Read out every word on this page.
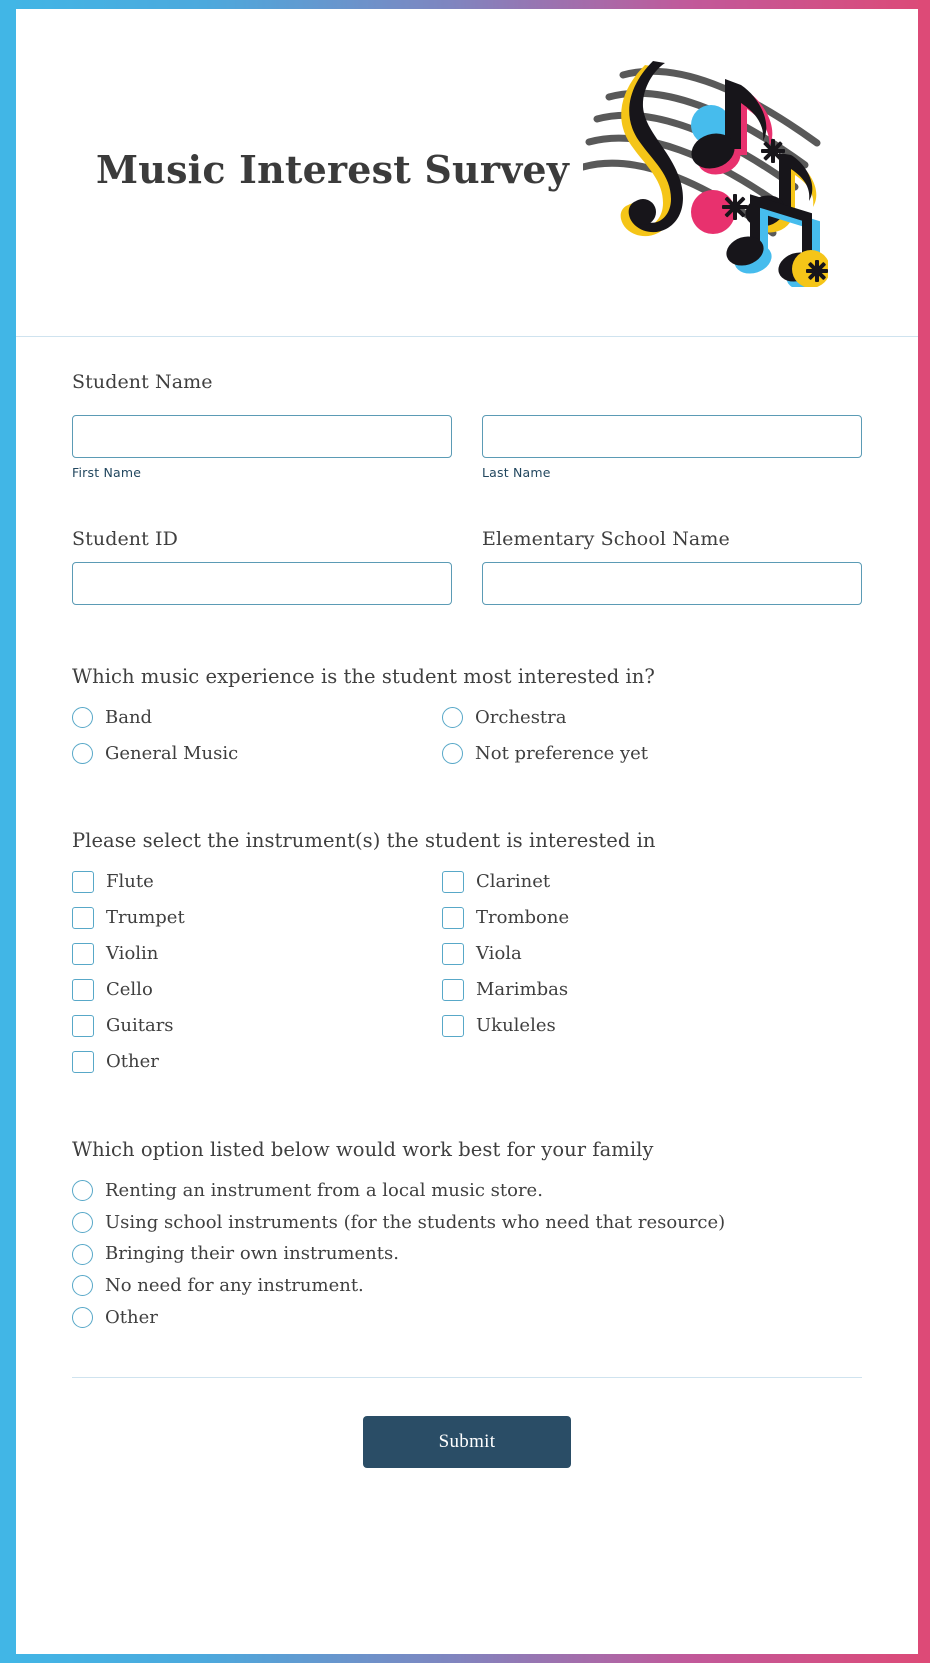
Music Interest Survey
Student Name
First Name	Last Name
Student ID	Elementary School Name
Which music experience is the student most interested in?
Band	Orchestra
General Music	Not preference yet
Please select the instrument(s) the student is interested in
Flute	Clarinet
Trumpet	Trombone
Violin	Viola
Cello	Marimbas
Guitars	Ukuleles
Other
Which option listed below would work best for your family
Renting an instrument from a local music store.
Using school instruments (for the students who need that resource)
Bringing their own instruments.
No need for any instrument.
Other
Submit
